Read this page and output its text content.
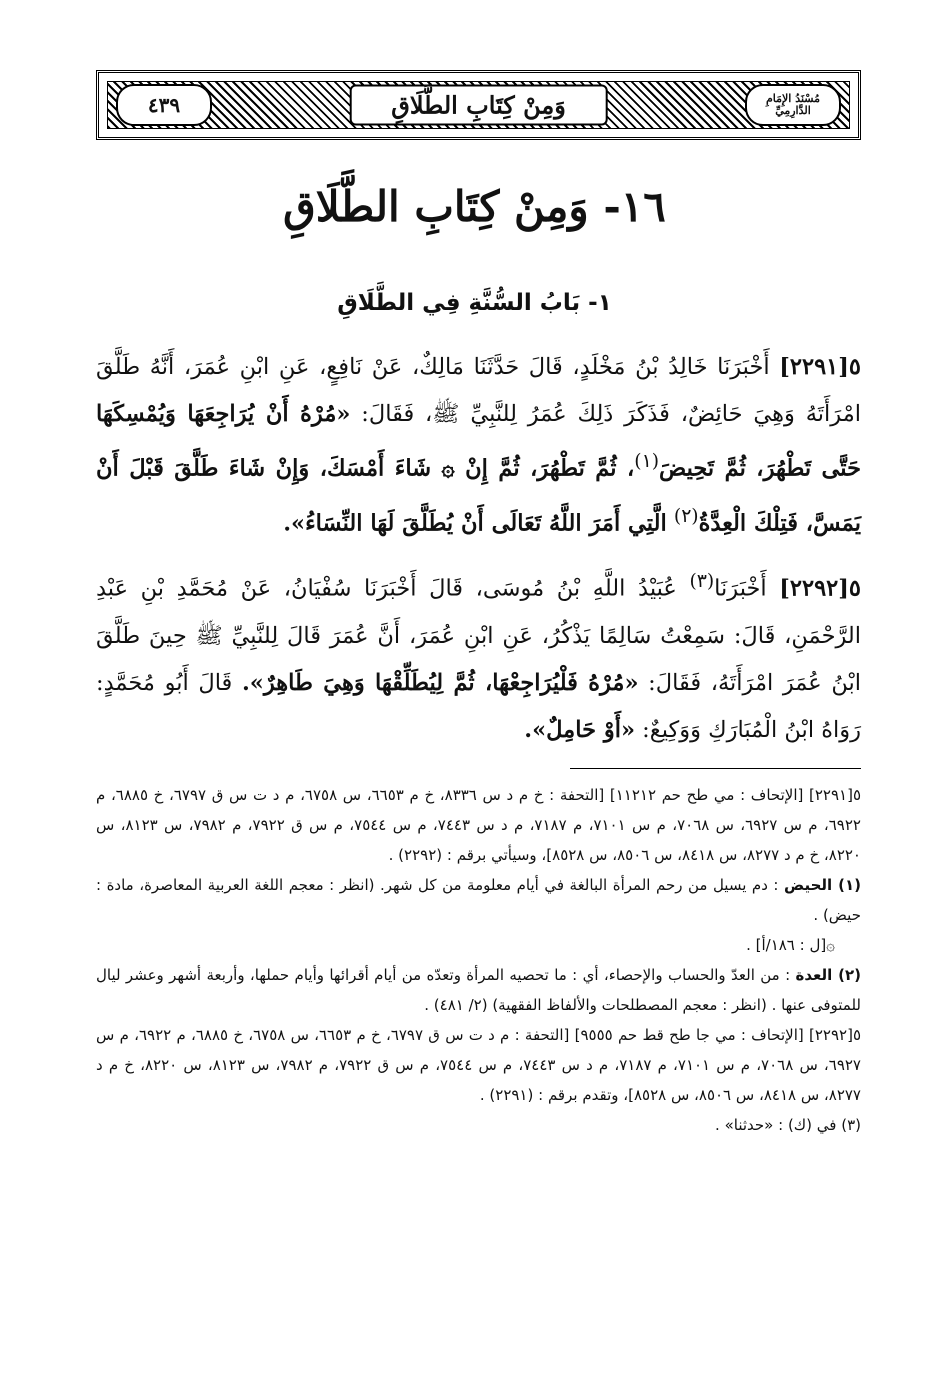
٤٣٩	وَمِنْ كِتَابِ الطَّلَاقِ	مُسْنَدُ الإِمَامِ الدَّارِمِيِّ
١٦- وَمِنْ كِتَابِ الطَّلَاقِ
١- بَابُ السُّنَّةِ فِي الطَّلَاقِ
٥[٢٢٩١] أَخْبَرَنَا خَالِدُ بْنُ مَخْلَدٍ، قَالَ حَدَّثَنَا مَالِكٌ، عَنْ نَافِعٍ، عَنِ ابْنِ عُمَرَ، أَنَّهُ طَلَّقَ امْرَأَتَهُ وَهِيَ حَائِضٌ، فَذَكَرَ ذَلِكَ عُمَرُ لِلنَّبِيِّ ﷺ، فَقَالَ: «مُرْهُ أَنْ يُرَاجِعَهَا وَيُمْسِكَهَا حَتَّى تَطْهُرَ، ثُمَّ تَحِيضَ$^{(١)}$، ثُمَّ تَطْهُرَ، ثُمَّ إِنْ ۞ شَاءَ أَمْسَكَ، وَإِنْ شَاءَ طَلَّقَ قَبْلَ أَنْ يَمَسَّ، فَتِلْكَ الْعِدَّةُ$^{(٢)}$ الَّتِي أَمَرَ اللَّهُ تَعَالَى أَنْ يُطَلَّقَ لَهَا النِّسَاءُ».
٥[٢٢٩٢] أَخْبَرَنَا$^{(٣)}$ عُبَيْدُ اللَّهِ بْنُ مُوسَى، قَالَ أَخْبَرَنَا سُفْيَانُ، عَنْ مُحَمَّدِ بْنِ عَبْدِ الرَّحْمَنِ، قَالَ: سَمِعْتُ سَالِمًا يَذْكُرُ، عَنِ ابْنِ عُمَرَ، أَنَّ عُمَرَ قَالَ لِلنَّبِيِّ ﷺ حِينَ طَلَّقَ ابْنُ عُمَرَ امْرَأَتَهُ، فَقَالَ: «مُرْهُ فَلْيُرَاجِعْهَا، ثُمَّ لِيُطَلِّقْهَا وَهِيَ طَاهِرٌ». قَالَ أَبُو مُحَمَّدٍ: رَوَاهُ ابْنُ الْمُبَارَكِ وَوَكِيعٌ: «أَوْ حَامِلٌ».

٥[٢٢٩١] [الإتحاف : مي طح حم ١١٢١٢] [التحفة : خ م د س ٨٣٣٦، خ م ٦٦٥٣، س ٦٧٥٨، م د ت س ق ٦٧٩٧، خ ٦٨٨٥، م ٦٩٢٢، م س ٦٩٢٧، س ٧٠٦٨، م س ٧١٠١، م ٧١٨٧، م د س ٧٤٤٣، م س ٧٥٤٤، م س ق ٧٩٢٢، م ٧٩٨٢، س ٨١٢٣، س ٨٢٢٠، خ م د ٨٢٧٧، س ٨٤١٨، س ٨٥٠٦، س ٨٥٢٨]، وسيأتي برقم : (٢٢٩٢) .

(١) الحيض : دم يسيل من رحم المرأة البالغة في أيام معلومة من كل شهر. (انظر : معجم اللغة العربية المعاصرة، مادة : حيض) .

۞[ل : ١٨٦/أ] .

(٢) العدة : من العدّ والحساب والإحصاء، أي : ما تحصيه المرأة وتعدّه من أيام أقرائها وأيام حملها، وأربعة أشهر وعشر ليال للمتوفى عنها . (انظر : معجم المصطلحات والألفاظ الفقهية) (٢/ ٤٨١) .

٥[٢٢٩٢] [الإتحاف : مي جا طح قط حم ٩٥٥٥] [التحفة : م د ت س ق ٦٧٩٧، خ م ٦٦٥٣، س ٦٧٥٨، خ ٦٨٨٥، م ٦٩٢٢، م س ٦٩٢٧، س ٧٠٦٨، م س ٧١٠١، م ٧١٨٧، م د س ٧٤٤٣، م س ٧٥٤٤، م س ق ٧٩٢٢، م ٧٩٨٢، س ٨١٢٣، س ٨٢٢٠، خ م د ٨٢٧٧، س ٨٤١٨، س ٨٥٠٦، س ٨٥٢٨]، وتقدم برقم : (٢٢٩١) .

(٣) في (ك) : «حدثنا» .
